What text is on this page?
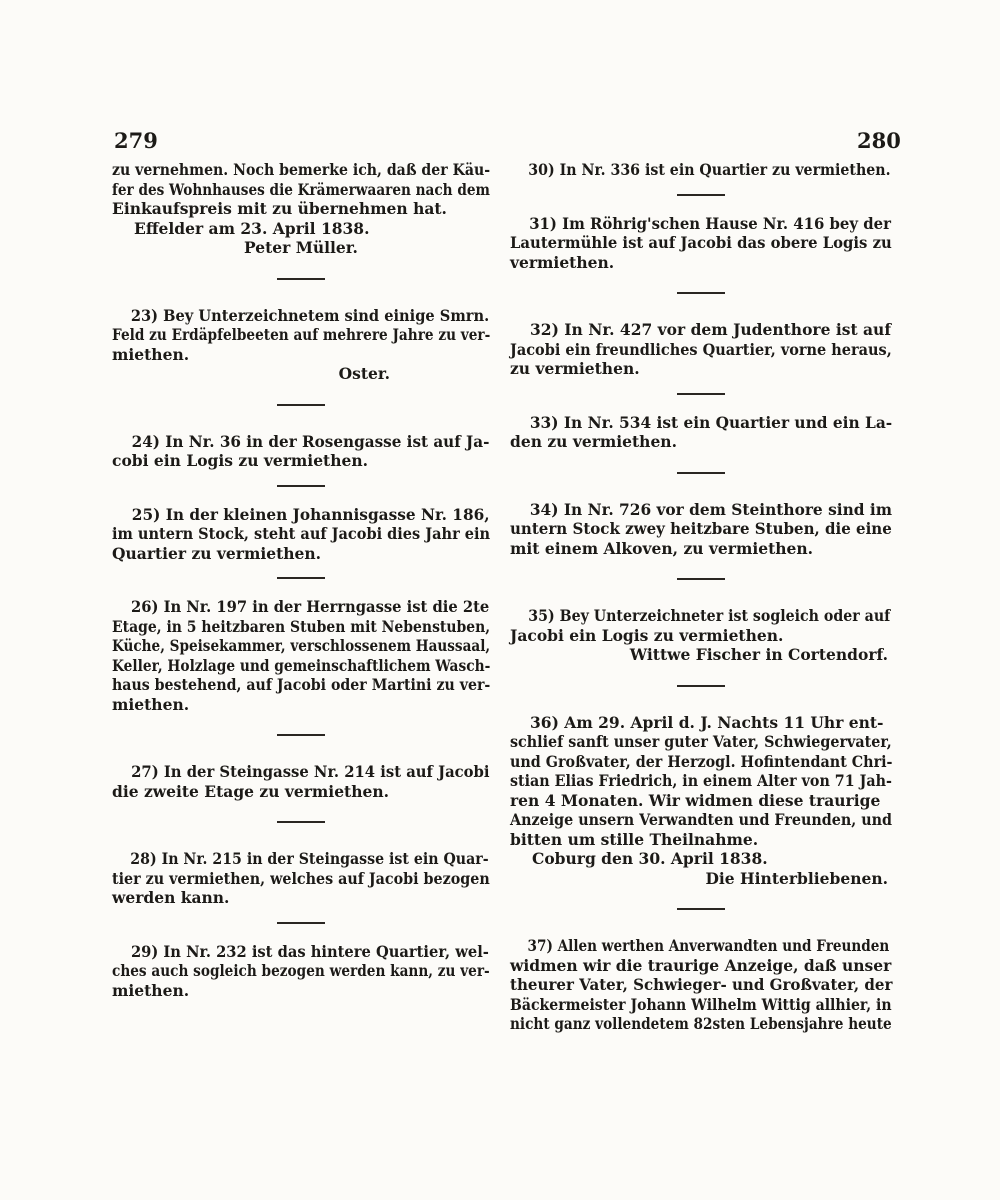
279	280
zu vernehmen. Noch bemerke ich, daß der Käu-
fer des Wohnhauses die Krämerwaaren nach dem
Einkaufspreis mit zu übernehmen hat.
Effelder am 23. April 1838.
Peter Müller.
23) Bey Unterzeichnetem sind einige Smrn.
Feld zu Erdäpfelbeeten auf mehrere Jahre zu ver-
miethen.
Oster.
24) In Nr. 36 in der Rosengasse ist auf Ja-
cobi ein Logis zu vermiethen.
25) In der kleinen Johannisgasse Nr. 186,
im untern Stock, steht auf Jacobi dies Jahr ein
Quartier zu vermiethen.
26) In Nr. 197 in der Herrngasse ist die 2te
Etage, in 5 heitzbaren Stuben mit Nebenstuben,
Küche, Speisekammer, verschlossenem Haussaal,
Keller, Holzlage und gemeinschaftlichem Wasch-
haus bestehend, auf Jacobi oder Martini zu ver-
miethen.
27) In der Steingasse Nr. 214 ist auf Jacobi
die zweite Etage zu vermiethen.
28) In Nr. 215 in der Steingasse ist ein Quar-
tier zu vermiethen, welches auf Jacobi bezogen
werden kann.
29) In Nr. 232 ist das hintere Quartier, wel-
ches auch sogleich bezogen werden kann, zu ver-
miethen.
30) In Nr. 336 ist ein Quartier zu vermiethen.
31) Im Röhrig'schen Hause Nr. 416 bey der
Lautermühle ist auf Jacobi das obere Logis zu
vermiethen.
32) In Nr. 427 vor dem Judenthore ist auf
Jacobi ein freundliches Quartier, vorne heraus,
zu vermiethen.
33) In Nr. 534 ist ein Quartier und ein La-
den zu vermiethen.
34) In Nr. 726 vor dem Steinthore sind im
untern Stock zwey heitzbare Stuben, die eine
mit einem Alkoven, zu vermiethen.
35) Bey Unterzeichneter ist sogleich oder auf
Jacobi ein Logis zu vermiethen.
Wittwe Fischer in Cortendorf.
36) Am 29. April d. J. Nachts 11 Uhr ent-
schlief sanft unser guter Vater, Schwiegervater,
und Großvater, der Herzogl. Hofintendant Chri-
stian Elias Friedrich, in einem Alter von 71 Jah-
ren 4 Monaten. Wir widmen diese traurige
Anzeige unsern Verwandten und Freunden, und
bitten um stille Theilnahme.
Coburg den 30. April 1838.
Die Hinterbliebenen.
37) Allen werthen Anverwandten und Freunden
widmen wir die traurige Anzeige, daß unser
theurer Vater, Schwieger- und Großvater, der
Bäckermeister Johann Wilhelm Wittig allhier, in
nicht ganz vollendetem 82sten Lebensjahre heute
